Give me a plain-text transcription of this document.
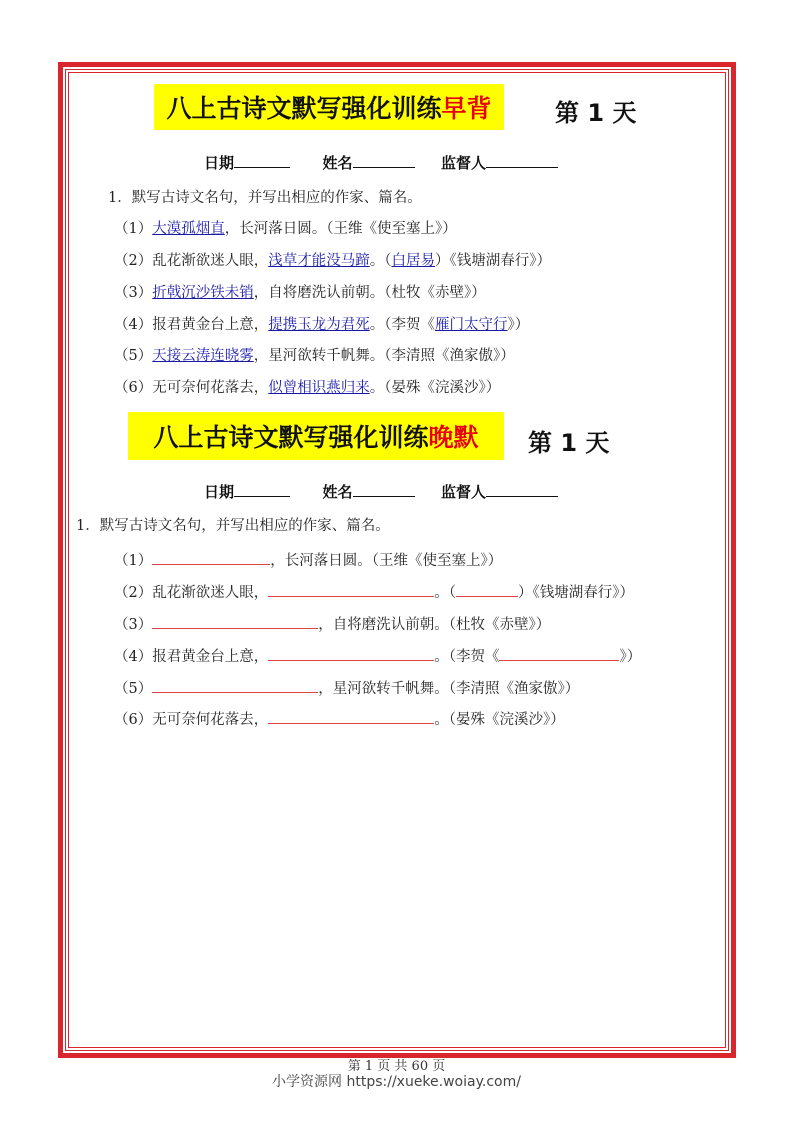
八上古诗文默写强化训练 早背	第 1 天
日期	姓名	监督人
1．默写古诗文名句，并写出相应的作家、篇名。
（1）大漠孤烟直，长河落日圆。（王维《使至塞上》）
（2）乱花渐欲迷人眼，浅草才能没马蹄。（白居易）《钱塘湖春行》）
（3）折戟沉沙铁未销，自将磨洗认前朝。（杜牧《赤壁》）
（4）报君黄金台上意，提携玉龙为君死。（李贺《雁门太守行》）
（5）天接云涛连晓雾，星河欲转千帆舞。（李清照《渔家傲》）
（6）无可奈何花落去，似曾相识燕归来。（晏殊《浣溪沙》）
八上古诗文默写强化训练 晚默 第 1 天
日期	姓名	监督人
1．默写古诗文名句，并写出相应的作家、篇名。
（1）	，长河落日圆。（王维《使至塞上》）
（2）乱花渐欲迷人眼，	。（	）《钱塘湖春行》）
（3）	，自将磨洗认前朝。（杜牧《赤壁》）
（4）报君黄金台上意，	。（李贺《	》）
（5）	，星河欲转千帆舞。（李清照《渔家傲》）
（6）无可奈何花落去，	。（晏殊《浣溪沙》）
第 1 页 共 60 页
小学资源网 https://xueke.woiay.com/
